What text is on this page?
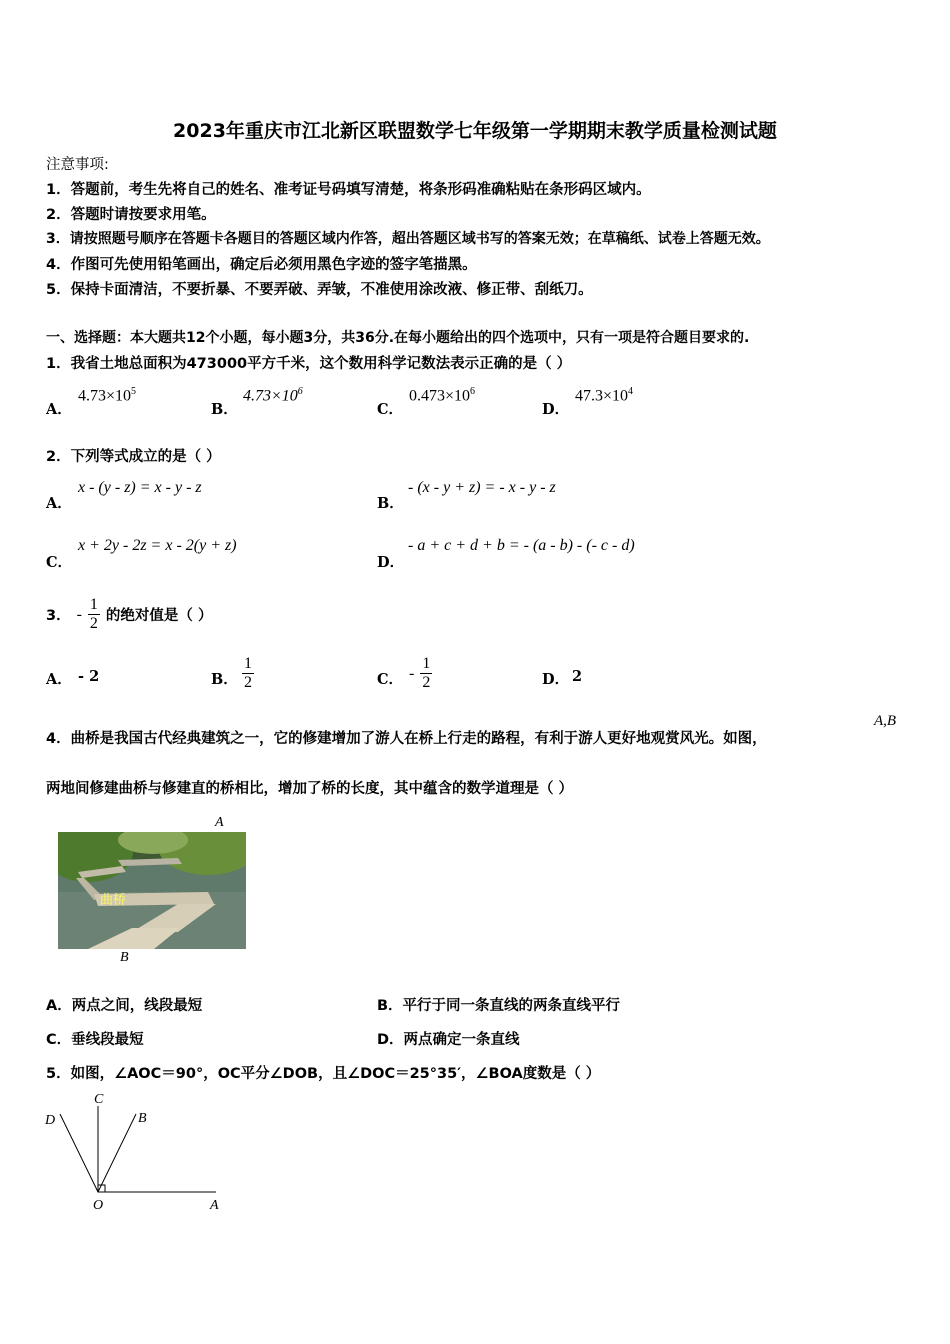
2023年重庆市江北新区联盟数学七年级第一学期期末教学质量检测试题
注意事项:
1．答题前，考生先将自己的姓名、准考证号码填写清楚，将条形码准确粘贴在条形码区域内。
2．答题时请按要求用笔。
3．请按照题号顺序在答题卡各题目的答题区域内作答，超出答题区域书写的答案无效；在草稿纸、试卷上答题无效。
4．作图可先使用铅笔画出，确定后必须用黑色字迹的签字笔描黑。
5．保持卡面清洁，不要折暴、不要弄破、弄皱，不准使用涂改液、修正带、刮纸刀。
一、选择题：本大题共12个小题，每小题3分，共36分.在每小题给出的四个选项中，只有一项是符合题目要求的.
1．我省土地总面积为473000平方千米，这个数用科学记数法表示正确的是（ ）
A．
$4.73\times 10^5$
B．
$4.73\times 10^6$
C．
$0.473\times 10^6$
D．
$47.3\times 10^4$
2．下列等式成立的是（ ）
A．
x - (y - z) = x - y - z
B．
- (x - y + z) = - x - y - z
C．
x + 2y - 2z = x - 2(y + z)
D．
- a + c + d + b = - (a - b) - (- c - d)
3． - $\frac{1}{2}$ 的绝对值是（ ）
A． - 2	B． $\frac{1}{2}$	C． - $\frac{1}{2}$	D． 2
4．曲桥是我国古代经典建筑之一，它的修建增加了游人在桥上行走的路程，有利于游人更好地观赏风光。如图，
A,B
两地间修建曲桥与修建直的桥相比，增加了桥的长度，其中蕴含的数学道理是（ ）
A
曲桥
B
A．两点之间，线段最短	B．平行于同一条直线的两条直线平行
C．垂线段最短	D．两点确定一条直线
5．如图，∠AOC＝90°，OC平分∠DOB，且∠DOC＝25°35′，∠BOA度数是（ ）
C
D	B
O	A
